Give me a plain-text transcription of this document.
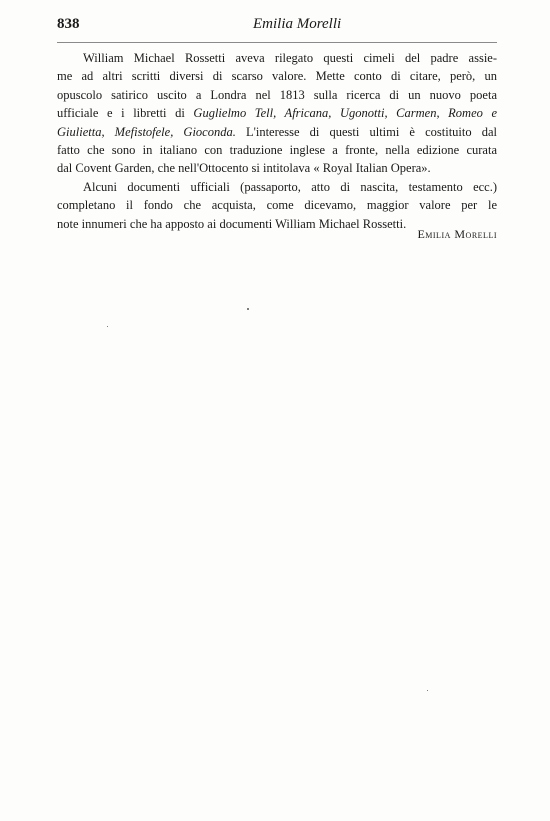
838	Emilia Morelli
William Michael Rossetti aveva rilegato questi cimeli del padre assie-
me ad altri scritti diversi di scarso valore. Mette conto di citare, però, un
opuscolo satirico uscito a Londra nel 1813 sulla ricerca di un nuovo poeta
ufficiale e i libretti di Guglielmo Tell, Africana, Ugonotti, Carmen, Romeo e
Giulietta, Mefistofele, Gioconda. L'interesse di questi ultimi è costituito dal
fatto che sono in italiano con traduzione inglese a fronte, nella edizione curata
dal Covent Garden, che nell'Ottocento si intitolava « Royal Italian Opera».
Alcuni documenti ufficiali (passaporto, atto di nascita, testamento ecc.)
completano il fondo che acquista, come dicevamo, maggior valore per le
note innumeri che ha apposto ai documenti William Michael Rossetti.
Emilia Morelli
